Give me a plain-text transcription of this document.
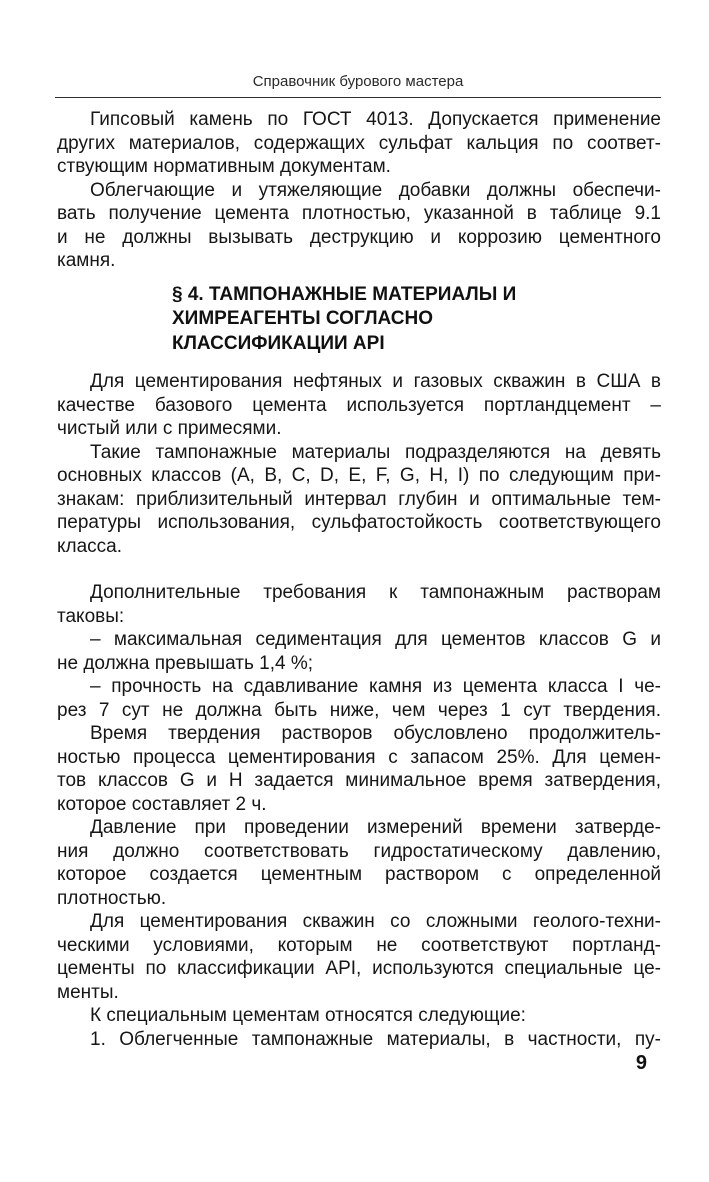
Справочник бурового мастера
Гипсовый камень по ГОСТ 4013. Допускается применение
других материалов, содержащих сульфат кальция по соответ-
ствующим нормативным документам.
Облегчающие и утяжеляющие добавки должны обеспечи-
вать получение цемента плотностью, указанной в таблице 9.1
и не должны вызывать деструкцию и коррозию цементного
камня.
§ 4. ТАМПОНАЖНЫЕ МАТЕРИАЛЫ И
ХИМРЕАГЕНТЫ СОГЛАСНО
КЛАССИФИКАЦИИ API
Для цементирования нефтяных и газовых скважин в США в
качестве базового цемента используется портландцемент –
чистый или с примесями.
Такие тампонажные материалы подразделяются на девять
основных классов (A, B, C, D, E, F, G, H, I) по следующим при-
знакам: приблизительный интервал глубин и оптимальные тем-
пературы использования, сульфатостойкость соответствующего
класса.
Дополнительные требования к тампонажным растворам
таковы:
– максимальная седиментация для цементов классов G и
не должна превышать 1,4 %;
– прочность на сдавливание камня из цемента класса I че-
рез 7 сут не должна быть ниже, чем через 1 сут твердения.
Время твердения растворов обусловлено продолжитель-
ностью процесса цементирования с запасом 25%. Для цемен-
тов классов G и H задается минимальное время затвердения,
которое составляет 2 ч.
Давление при проведении измерений времени затверде-
ния должно соответствовать гидростатическому давлению,
которое создается цементным раствором с определенной
плотностью.
Для цементирования скважин со сложными геолого-техни-
ческими условиями, которым не соответствуют портланд-
цементы по классификации API, используются специальные це-
менты.
К специальным цементам относятся следующие:
1. Облегченные тампонажные материалы, в частности, пу-
9
